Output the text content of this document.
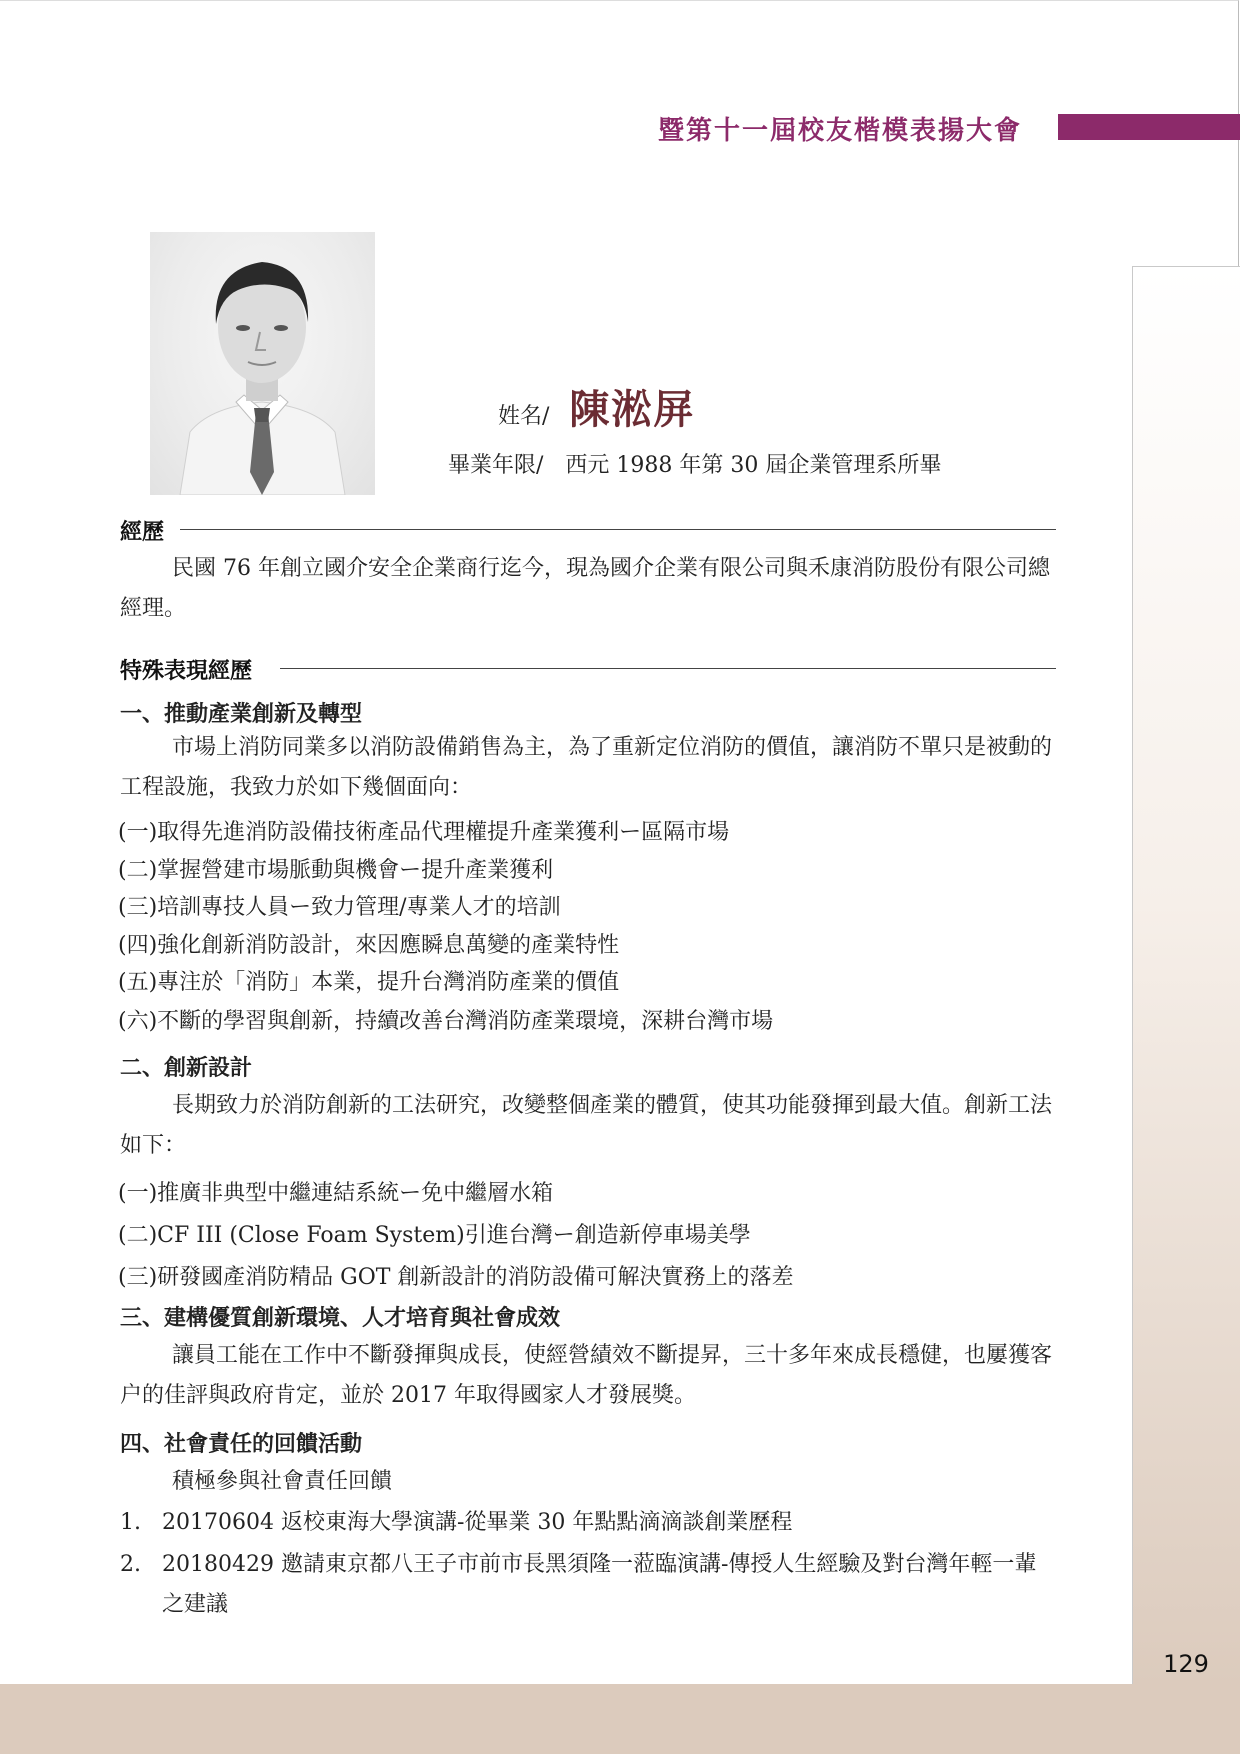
暨第十一屆校友楷模表揚大會
姓名/ 陳淞屏
畢業年限/ 西元 1988 年第 30 屆企業管理系所畢
經歷
民國 76 年創立國介安全企業商行迄今，現為國介企業有限公司與禾康消防股份有限公司總經理。
特殊表現經歷
一、推動產業創新及轉型
市場上消防同業多以消防設備銷售為主，為了重新定位消防的價值，讓消防不單只是被動的工程設施，我致力於如下幾個面向：
(一)取得先進消防設備技術產品代理權提升產業獲利ー區隔市場
(二)掌握營建市場脈動與機會ー提升產業獲利
(三)培訓專技人員ー致力管理/專業人才的培訓
(四)強化創新消防設計，來因應瞬息萬變的產業特性
(五)專注於「消防」本業，提升台灣消防產業的價值
(六)不斷的學習與創新，持續改善台灣消防產業環境，深耕台灣市場
二、創新設計
長期致力於消防創新的工法研究，改變整個產業的體質，使其功能發揮到最大值。創新工法如下：
(一)推廣非典型中繼連結系統ー免中繼層水箱
(二)CF III (Close Foam System)引進台灣ー創造新停車場美學
(三)研發國產消防精品 GOT 創新設計的消防設備可解決實務上的落差
三、建構優質創新環境、人才培育與社會成效
讓員工能在工作中不斷發揮與成長，使經營績效不斷提昇，三十多年來成長穩健，也屢獲客户的佳評與政府肯定，並於 2017 年取得國家人才發展獎。
四、社會責任的回饋活動
積極參與社會責任回饋
1. 20170604 返校東海大學演講-從畢業 30 年點點滴滴談創業歷程
2. 20180429 邀請東京都八王子市前市長黑須隆一蒞臨演講-傳授人生經驗及對台灣年輕一輩之建議
129
